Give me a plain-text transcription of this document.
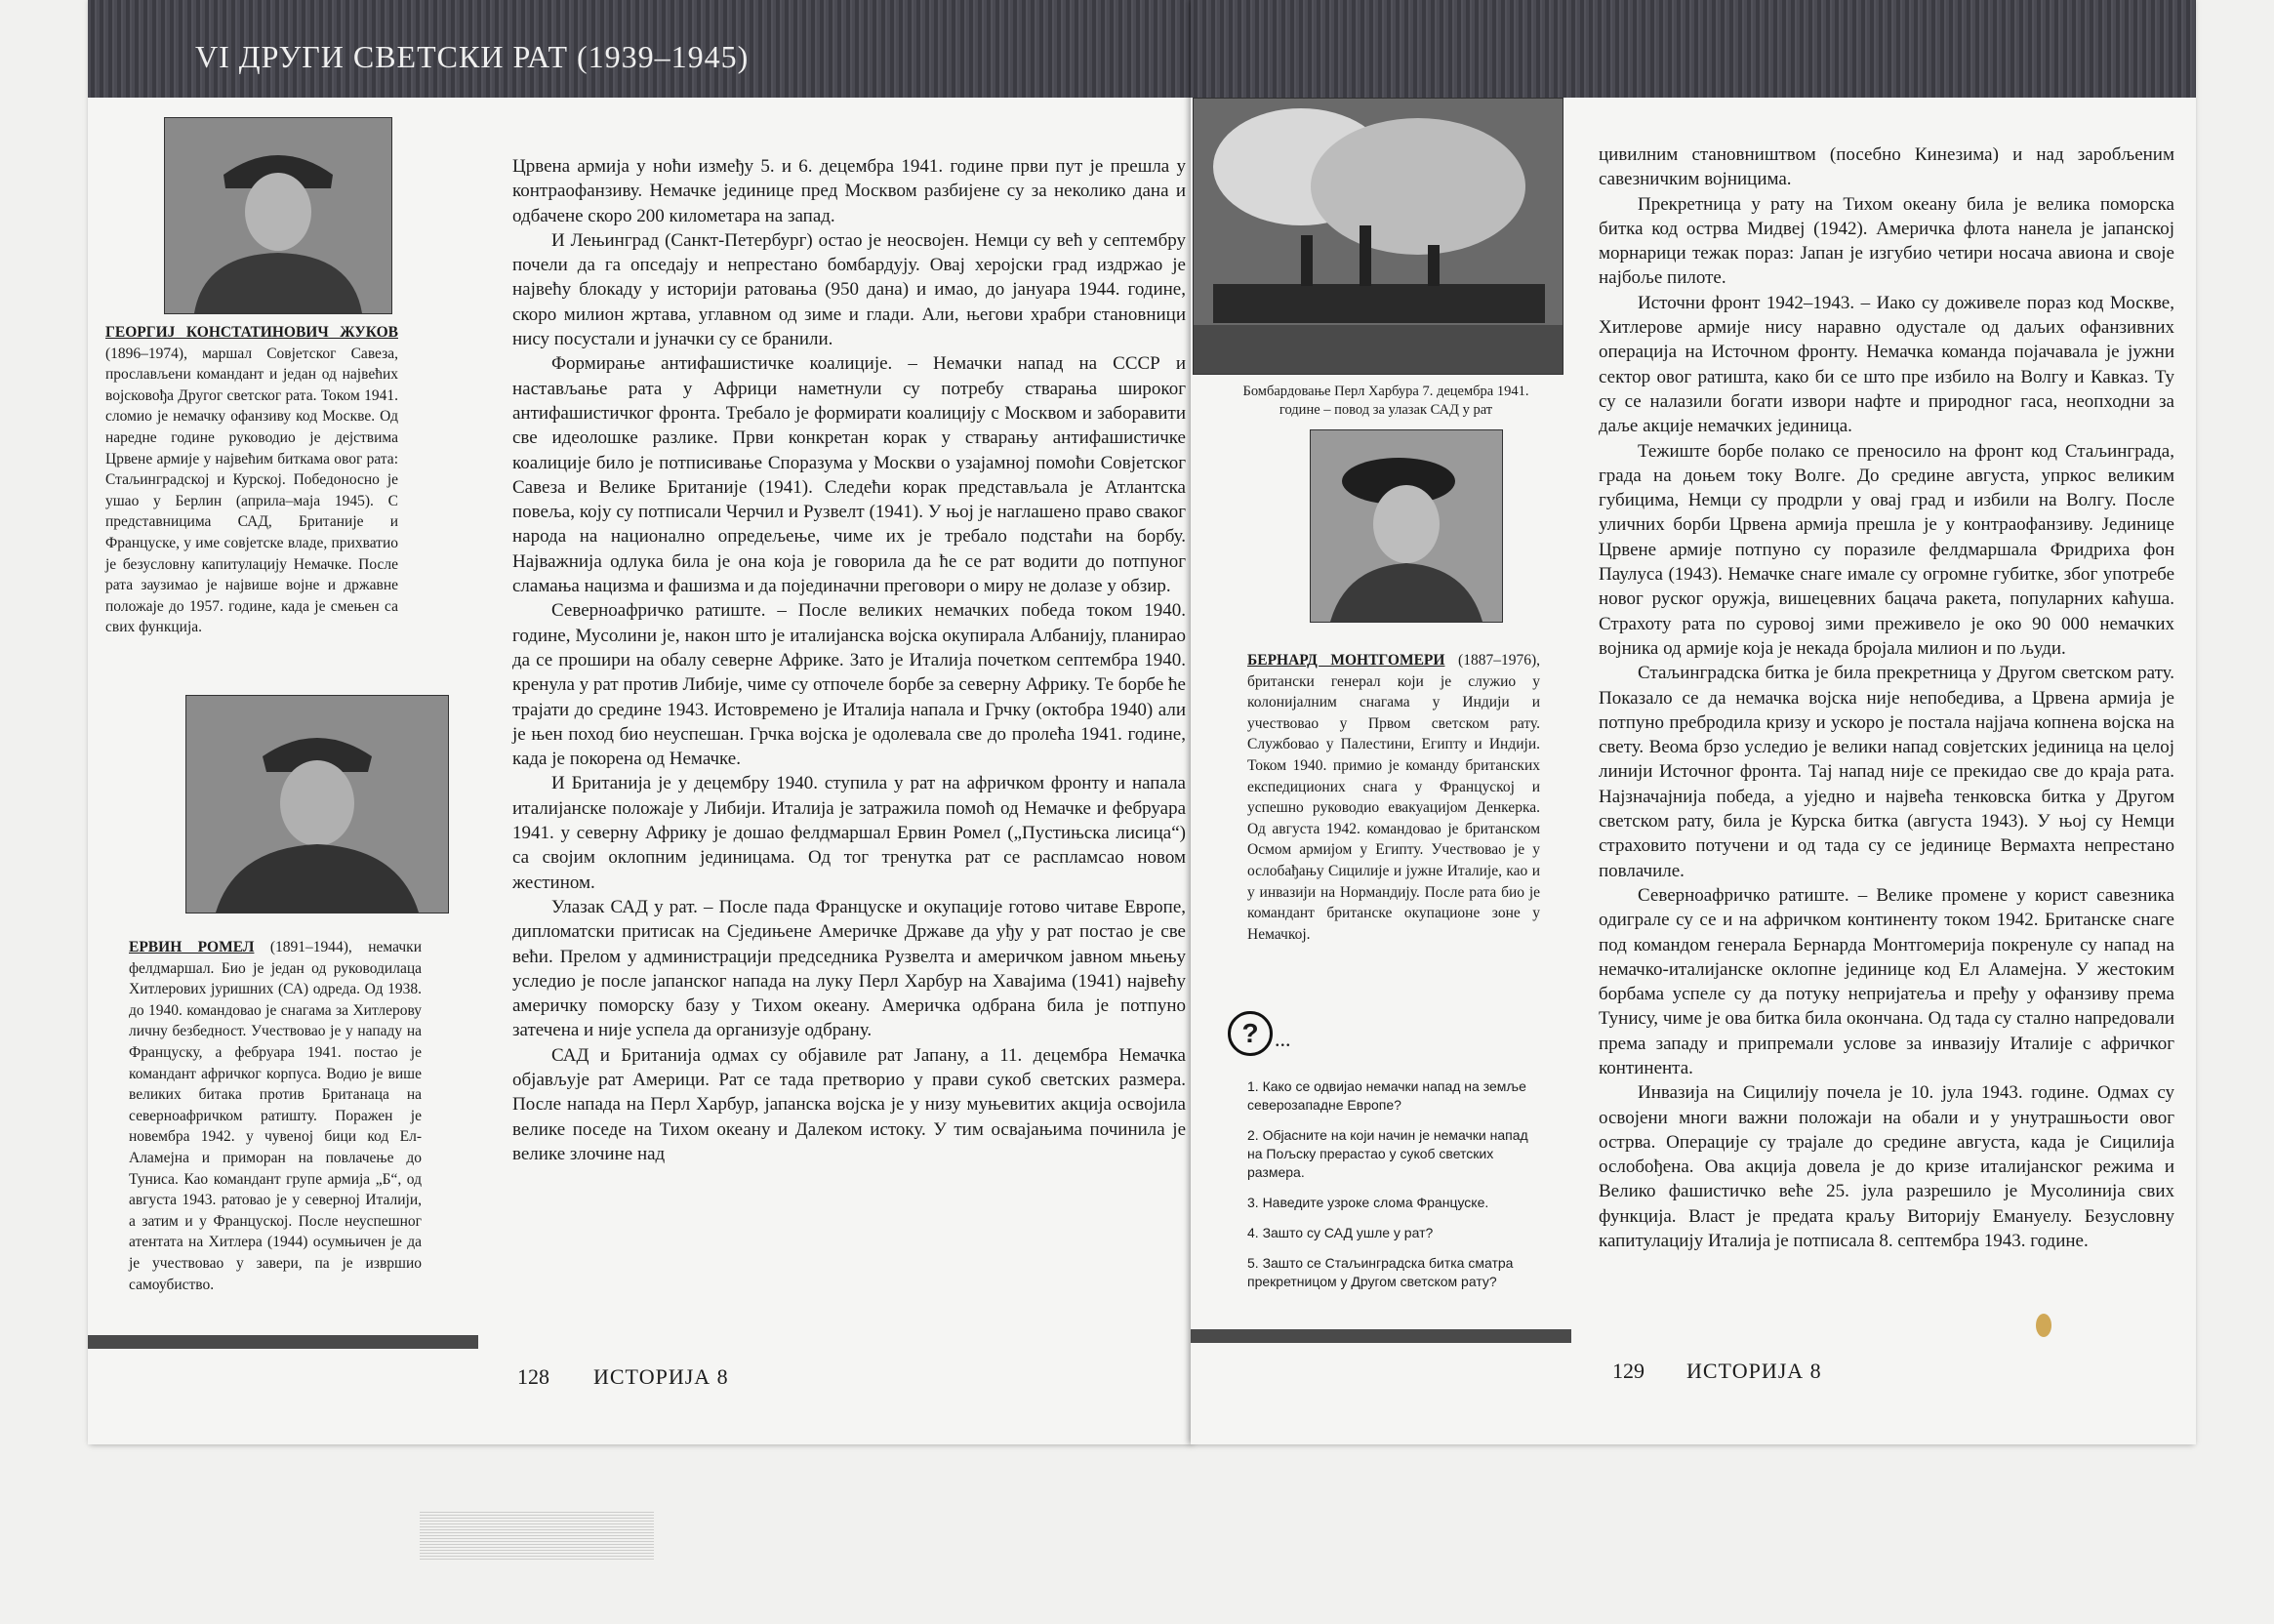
VI ДРУГИ СВЕТСКИ РАТ (1939–1945)

ГЕОРГИЈ КОНСТАТИНОВИЧ ЖУКОВ (1896–1974), маршал Совјетског Савеза, прослављени командант и један од највећих војсковођа Другог светског рата. Током 1941. сломио је немачку офанзиву код Москве. Од наредне године руководио је дејствима Црвене армије у највећим биткама овог рата: Стаљинградској и Курској. Победоносно је ушао у Берлин (априла–маја 1945). С представницима САД, Британије и Француске, у име совјетске владе, прихватио је безусловну капитулацију Немачке. После рата заузимао је највише војне и државне положаје до 1957. године, када је смењен са свих функција.

ЕРВИН РОМЕЛ (1891–1944), немачки фелдмаршал. Био је један од руководилаца Хитлерових јуришних (СА) одреда. Од 1938. до 1940. командовао је снагама за Хитлерову личну безбедност. Учествовао је у нападу на Француску, а фебруара 1941. постао је командант афричког корпуса. Водио је више великих битака против Британаца на северноафричком ратишту. Поражен је новембра 1942. у чувеној бици код Ел-Аламејна и приморан на повлачење до Туниса. Као командант групе армија „Б“, од августа 1943. ратовао је у северној Италији, а затим и у Француској. После неуспешног атентата на Хитлера (1944) осумњичен је да је учествовао у завери, па је извршио самоубиство.

Црвена армија у ноћи између 5. и 6. децембра 1941. године први пут је прешла у контраофанзиву. Немачке јединице пред Москвом разбијене су за неколико дана и одбачене скоро 200 километара на запад.

И Лењинград (Санкт-Петербург) остао је неосвојен. Немци су већ у септембру почели да га опседају и непрестано бомбардују. Овај херојски град издржао је највећу блокаду у историји ратовања (950 дана) и имао, до јануара 1944. године, скоро милион жртава, углавном од зиме и глади. Али, његови храбри становници нису посустали и јуначки су се бранили.

Формирање антифашистичке коалиције. – Немачки напад на СССР и настављање рата у Африци наметнули су потребу стварања широког антифашистичког фронта. Требало је формирати коалицију с Москвом и заборавити све идеолошке разлике. Први конкретан корак у стварању антифашистичке коалиције било је потписивање Споразума у Москви о узајамној помоћи Совјетског Савеза и Велике Британије (1941). Следећи корак представљала је Атлантска повеља, коју су потписали Черчил и Рузвелт (1941). У њој је наглашено право сваког народа на национално опредељење, чиме их је требало подстаћи на борбу. Најважнија одлука била је она која је говорила да ће се рат водити до потпуног сламања нацизма и фашизма и да појединачни преговори о миру не долазе у обзир.

Северноафричко ратиште. – После великих немачких победа током 1940. године, Мусолини је, након што је италијанска војска окупирала Албанију, планирао да се прошири на обалу северне Африке. Зато је Италија почетком септембра 1940. кренула у рат против Либије, чиме су отпочеле борбе за северну Африку. Те борбе ће трајати до средине 1943. Истовремено је Италија напала и Грчку (октобра 1940) али је њен поход био неуспешан. Грчка војска је одолевала све до пролећа 1941. године, када је покорена од Немачке.

И Британија је у децембру 1940. ступила у рат на афричком фронту и напала италијанске положаје у Либији. Италија је затражила помоћ од Немачке и фебруара 1941. у северну Африку је дошао фелдмаршал Ервин Ромел („Пустињска лисица“) са својим оклопним јединицама. Од тог тренутка рат се распламсао новом жестином.

Улазак САД у рат. – После пада Француске и окупације готово читаве Европе, дипломатски притисак на Сједињене Америчке Државе да уђу у рат постао је све већи. Прелом у администрацији председника Рузвелта и америчком јавном мњењу уследио је после јапанског напада на луку Перл Харбур на Хавајима (1941) највећу америчку поморску базу у Тихом океану. Америчка одбрана била је потпуно затечена и није успела да организује одбрану.

САД и Британија одмах су објавиле рат Јапану, а 11. децембра Немачка објављује рат Америци. Рат се тада претворио у прави сукоб светских размера. После напада на Перл Харбур, јапанска војска је у низу муњевитих акција освојила велике поседе на Тихом океану и Далеком истоку. У тим освајањима починила је велике злочине над

128 ИСТОРИЈА 8
Бомбардовање Перл Харбура 7. децембра 1941. године – повод за улазак САД у рат

БЕРНАРД МОНТГОМЕРИ (1887–1976), британски генерал који је служио у колонијалним снагама у Индији и учествовао у Првом светском рату. Службовао у Палестини, Египту и Индији. Током 1940. примио је команду британских експедиционих снага у Француској и успешно руководио евакуацијом Денкерка. Од августа 1942. командовао је британском Осмом армијом у Египту. Учествовао је у ослобађању Сицилије и јужне Италије, као и у инвазији на Нормандију. После рата био је командант британске окупационе зоне у Немачкој.

? ...
1. Како се одвијао немачки напад на земље северозападне Европе?
2. Објасните на који начин је немачки напад на Пољску прерастао у сукоб светских размера.
3. Наведите узроке слома Француске.
4. Зашто су САД ушле у рат?
5. Зашто се Стаљинградска битка сматра прекретницом у Другом светском рату?

цивилним становништвом (посебно Кинезима) и над заробљеним савезничким војницима.

Прекретница у рату на Тихом океану била је велика поморска битка код острва Мидвеј (1942). Америчка флота нанела је јапанској морнарици тежак пораз: Јапан је изгубио четири носача авиона и своје најбоље пилоте.

Источни фронт 1942–1943. – Иако су доживеле пораз код Москве, Хитлерове армије нису наравно одустале од даљих офанзивних операција на Источном фронту. Немачка команда појачавала је јужни сектор овог ратишта, како би се што пре избило на Волгу и Кавказ. Ту су се налазили богати извори нафте и природног гаса, неопходни за даље акције немачких јединица.

Тежиште борбе полако се преносило на фронт код Стаљинграда, града на доњем току Волге. До средине августа, упркос великим губицима, Немци су продрли у овај град и избили на Волгу. После уличних борби Црвена армија прешла је у контраофанзиву. Јединице Црвене армије потпуно су поразиле фелдмаршала Фридриха фон Паулуса (1943). Немачке снаге имале су огромне губитке, због употребе новог руског оружја, вишецевних бацача ракета, популарних каћуша. Страхоту рата по суровој зими преживело је око 90 000 немачких војника од армије која је некада бројала милион и по људи.

Стаљинградска битка је била прекретница у Другом светском рату. Показало се да немачка војска није непобедива, а Црвена армија је потпуно пребродила кризу и ускоро је постала најјача копнена војска на свету. Веома брзо уследио је велики напад совјетских јединица на целој линији Источног фронта. Тај напад није се прекидао све до краја рата. Најзначајнија победа, а уједно и највећа тенковска битка у Другом светском рату, била је Курска битка (августа 1943). У њој су Немци страховито потучени и од тада су се јединице Вермахта непрестано повлачиле.

Северноафричко ратиште. – Велике промене у корист савезника одиграле су се и на афричком континенту током 1942. Британске снаге под командом генерала Бернарда Монтгомерија покренуле су напад на немачко-италијанске оклопне јединице код Ел Аламејна. У жестоким борбама успеле су да потуку непријатеља и пређу у офанзиву према Тунису, чиме је ова битка била окончана. Од тада су стално напредовали према западу и припремали услове за инвазију Италије с афричког континента.

Инвазија на Сицилију почела је 10. јула 1943. године. Одмах су освојени многи важни положаји на обали и у унутрашњости овог острва. Операције су трајале до средине августа, када је Сицилија ослобођена. Ова акција довела је до кризе италијанског режима и Велико фашистичко веће 25. јула разрешило је Мусолинија свих функција. Власт је предата краљу Виторију Емануелу. Безусловну капитулацију Италија је потписала 8. септембра 1943. године.

129 ИСТОРИЈА 8
